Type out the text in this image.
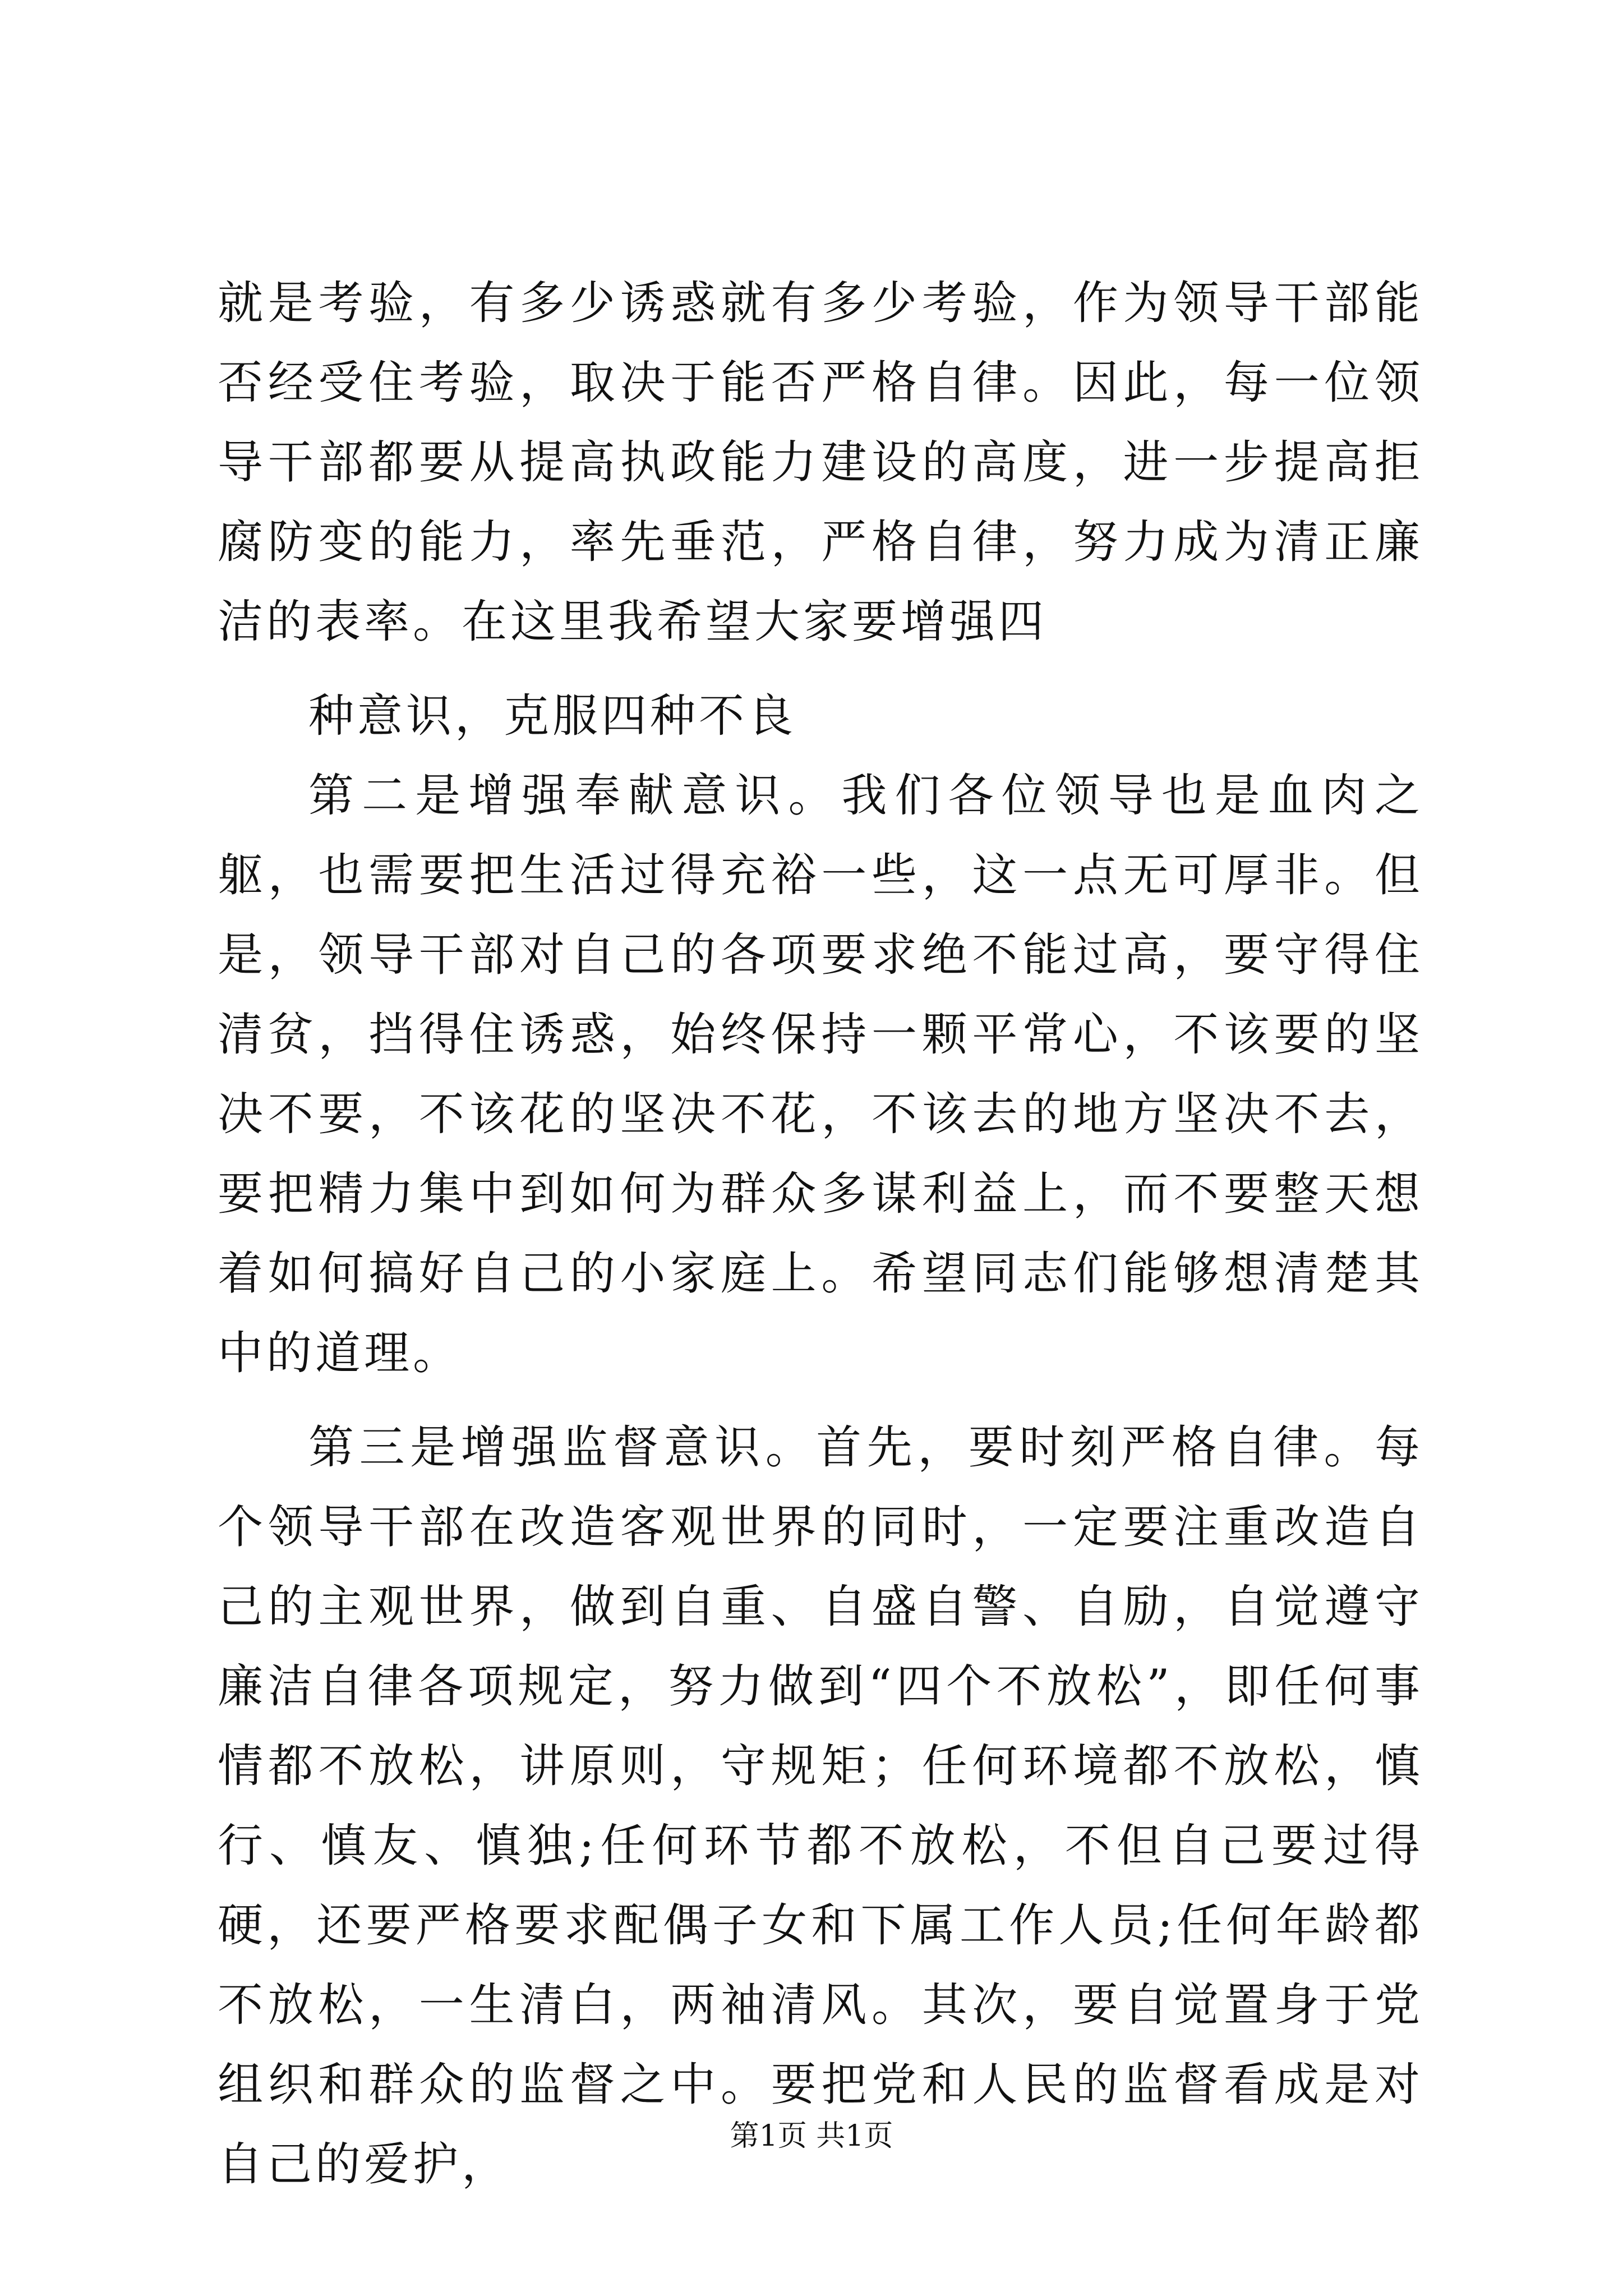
就是考验，有多少诱惑就有多少考验，作为领导干部能否经受住考验，取决于能否严格自律。因此，每一位领导干部都要从提高执政能力建设的高度，进一步提高拒腐防变的能力，率先垂范，严格自律，努力成为清正廉洁的表率。在这里我希望大家要增强四

种意识，克服四种不良

第二是增强奉献意识。我们各位领导也是血肉之躯，也需要把生活过得充裕一些，这一点无可厚非。但是，领导干部对自己的各项要求绝不能过高，要守得住清贫，挡得住诱惑，始终保持一颗平常心，不该要的坚决不要，不该花的坚决不花，不该去的地方坚决不去，要把精力集中到如何为群众多谋利益上，而不要整天想着如何搞好自己的小家庭上。希望同志们能够想清楚其中的道理。

第三是增强监督意识。首先，要时刻严格自律。每个领导干部在改造客观世界的同时，一定要注重改造自己的主观世界，做到自重、自盛自警、自励，自觉遵守廉洁自律各项规定，努力做到“四个不放松”，即任何事情都不放松，讲原则，守规矩；任何环境都不放松，慎行、慎友、慎独;任何环节都不放松，不但自己要过得硬，还要严格要求配偶子女和下属工作人员;任何年龄都不放松，一生清白，两袖清风。其次，要自觉置身于党组织和群众的监督之中。要把党和人民的监督看成是对自己的爱护，

第1页 共1页
